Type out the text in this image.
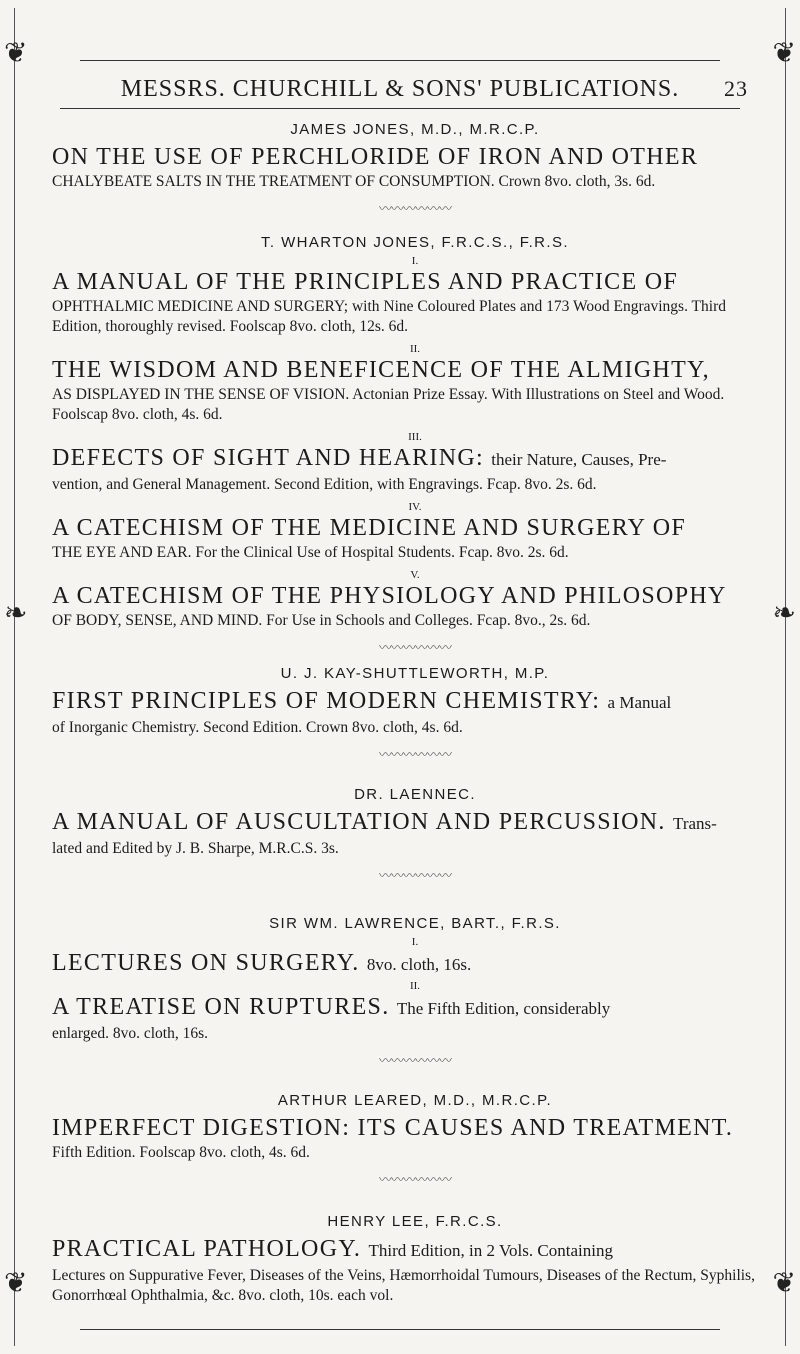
❦	❦
❧	❧
❦	❦
MESSRS. CHURCHILL & SONS' PUBLICATIONS. 23

JAMES JONES, M.D., M.R.C.P.

ON THE USE OF PERCHLORIDE OF IRON AND OTHER

CHALYBEATE SALTS IN THE TREATMENT OF CONSUMPTION. Crown 8vo. cloth, 3s. 6d.

〰〰〰〰〰〰

T. WHARTON JONES, F.R.C.S., F.R.S.

I.

A MANUAL OF THE PRINCIPLES AND PRACTICE OF

OPHTHALMIC MEDICINE AND SURGERY; with Nine Coloured Plates and 173 Wood Engravings. Third Edition, thoroughly revised. Foolscap 8vo. cloth, 12s. 6d.

II.

THE WISDOM AND BENEFICENCE OF THE ALMIGHTY,

AS DISPLAYED IN THE SENSE OF VISION. Actonian Prize Essay. With Illustrations on Steel and Wood. Foolscap 8vo. cloth, 4s. 6d.

III.

DEFECTS OF SIGHT AND HEARING: their Nature, Causes, Pre-

vention, and General Management. Second Edition, with Engravings. Fcap. 8vo. 2s. 6d.

IV.

A CATECHISM OF THE MEDICINE AND SURGERY OF

THE EYE AND EAR. For the Clinical Use of Hospital Students. Fcap. 8vo. 2s. 6d.

V.

A CATECHISM OF THE PHYSIOLOGY AND PHILOSOPHY

OF BODY, SENSE, AND MIND. For Use in Schools and Colleges. Fcap. 8vo., 2s. 6d.

〰〰〰〰〰〰

U. J. KAY-SHUTTLEWORTH, M.P.

FIRST PRINCIPLES OF MODERN CHEMISTRY: a Manual

of Inorganic Chemistry. Second Edition. Crown 8vo. cloth, 4s. 6d.

〰〰〰〰〰〰

DR. LAENNEC.

A MANUAL OF AUSCULTATION AND PERCUSSION. Trans-

lated and Edited by J. B. Sharpe, M.R.C.S. 3s.

〰〰〰〰〰〰

SIR WM. LAWRENCE, BART., F.R.S.

I.

LECTURES ON SURGERY. 8vo. cloth, 16s.

II.

A TREATISE ON RUPTURES. The Fifth Edition, considerably

enlarged. 8vo. cloth, 16s.

〰〰〰〰〰〰

ARTHUR LEARED, M.D., M.R.C.P.

IMPERFECT DIGESTION: ITS CAUSES AND TREATMENT.

Fifth Edition. Foolscap 8vo. cloth, 4s. 6d.

〰〰〰〰〰〰

HENRY LEE, F.R.C.S.

PRACTICAL PATHOLOGY. Third Edition, in 2 Vols. Containing

Lectures on Suppurative Fever, Diseases of the Veins, Hæmorrhoidal Tumours, Diseases of the Rectum, Syphilis, Gonorrhœal Ophthalmia, &c. 8vo. cloth, 10s. each vol.
